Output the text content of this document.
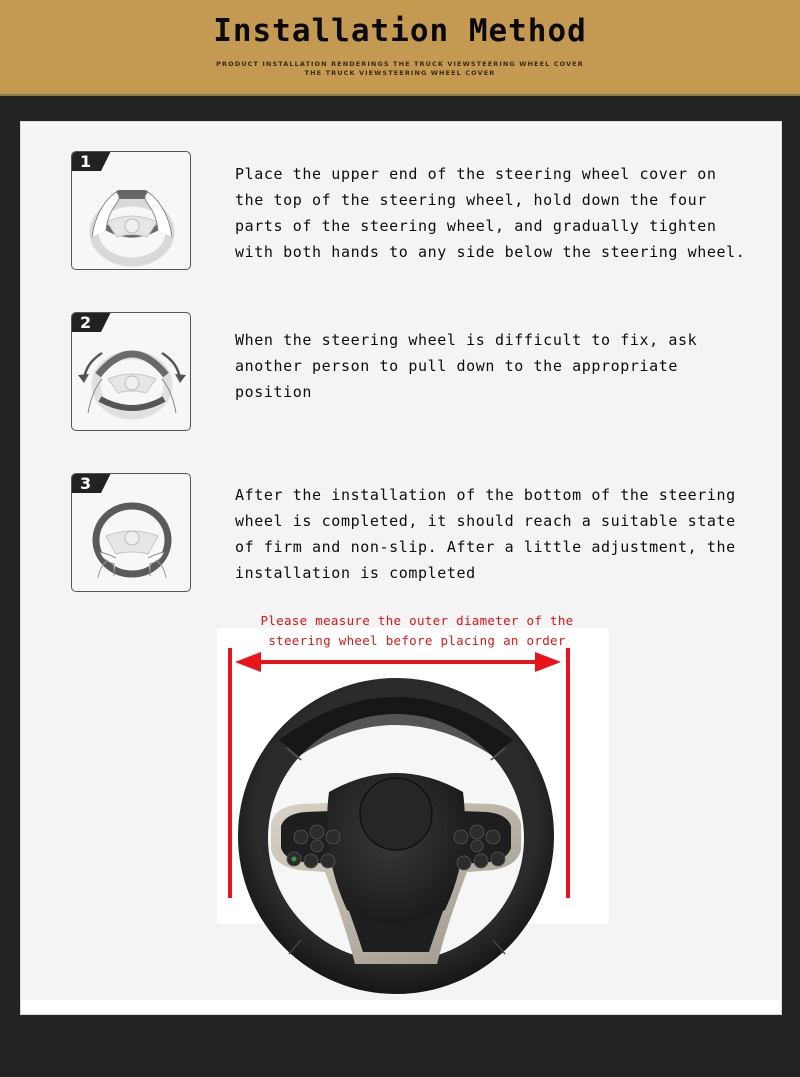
Installation Method
PRODUCT INSTALLATION RENDERINGS THE TRUCK VIEWSTEERING WHEEL COVER
THE TRUCK VIEWSTEERING WHEEL COVER
1
Place the upper end of the steering wheel cover on the top of the steering wheel, hold down the four parts of the steering wheel, and gradually tighten with both hands to any side below the steering wheel.
2
When the steering wheel is difficult to fix, ask another person to pull down to the appropriate position
3
After the installation of the bottom of the steering wheel is completed, it should reach a suitable state of firm and non-slip. After a little adjustment, the installation is completed
Please measure the outer diameter of the
steering wheel before placing an order
